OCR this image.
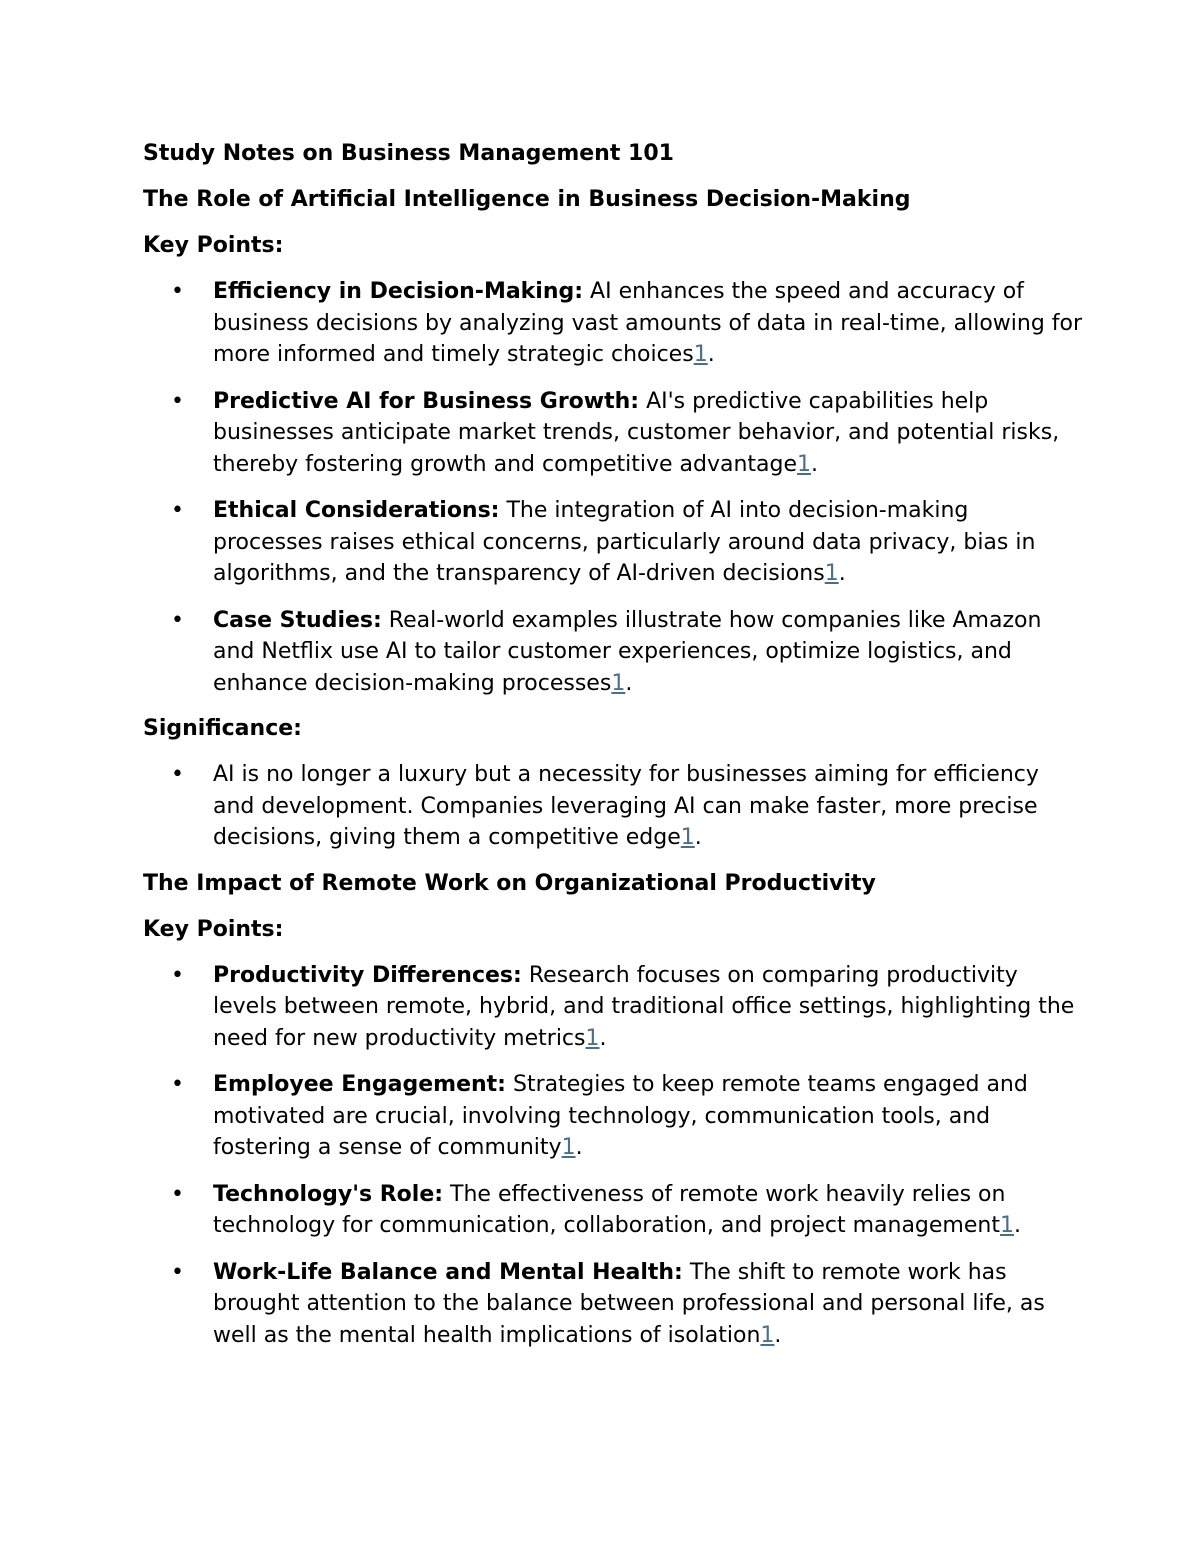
Study Notes on Business Management 101

The Role of Artificial Intelligence in Business Decision-Making

Key Points:

• Efficiency in Decision-Making: AI enhances the speed and accuracy of business decisions by analyzing vast amounts of data in real-time, allowing for more informed and timely strategic choices1.
• Predictive AI for Business Growth: AI's predictive capabilities help businesses anticipate market trends, customer behavior, and potential risks, thereby fostering growth and competitive advantage1.
• Ethical Considerations: The integration of AI into decision-making processes raises ethical concerns, particularly around data privacy, bias in algorithms, and the transparency of AI-driven decisions1.
• Case Studies: Real-world examples illustrate how companies like Amazon and Netflix use AI to tailor customer experiences, optimize logistics, and enhance decision-making processes1.

Significance:

• AI is no longer a luxury but a necessity for businesses aiming for efficiency and development. Companies leveraging AI can make faster, more precise decisions, giving them a competitive edge1.

The Impact of Remote Work on Organizational Productivity

Key Points:

• Productivity Differences: Research focuses on comparing productivity levels between remote, hybrid, and traditional office settings, highlighting the need for new productivity metrics1.
• Employee Engagement: Strategies to keep remote teams engaged and motivated are crucial, involving technology, communication tools, and fostering a sense of community1.
• Technology's Role: The effectiveness of remote work heavily relies on technology for communication, collaboration, and project management1.
• Work-Life Balance and Mental Health: The shift to remote work has brought attention to the balance between professional and personal life, as well as the mental health implications of isolation1.
